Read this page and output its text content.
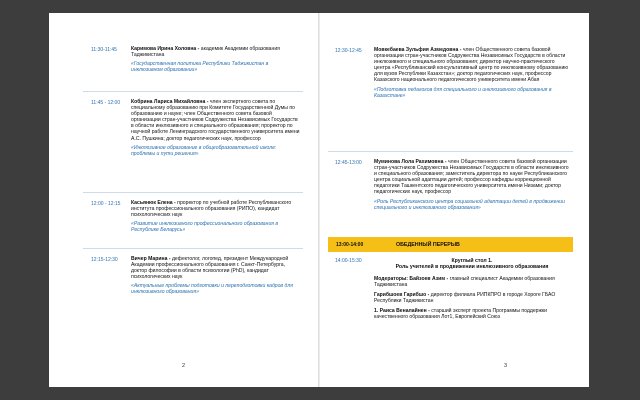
11:30-11:45	Каримова Ирина Холовна - академик Академии образования Таджикистана
«Государственная политика Республики Таджикистан в инклюзивном образовании»
11:45 - 12:00 Кобрина Лариса Михайловна - член экспертного совета по специальному образованию при Комитете Государственной Думы по образованию и науке; член Общественного совета базовой организации стран-участников Содружества Независимых Государств в области инклюзивного и специального образования; проректор по научной работе Ленинградского государственного университета имени А.С. Пушкина; доктор педагогических наук, профессор
«Инклюзивное образование в общеобразовательной школе: проблемы и пути решения»
12:00 - 12:15 Касьянюк Елена - проректор по учебной работе Республиканского института профессионального образования (РИПО), кандидат психологических наук
«Развитие инклюзивного профессионального образования в Республике Беларусь»
12:15-12:30	Вичер Марина - дефектолог, логопед, президент Международной Академии профессионального образования г. Санкт-Петербурга, доктор философии в области психологии (PhD), кандидат психологических наук
«Актуальные проблемы подготовки и переподготовки кадров для инклюзивного образования»
2
12:30-12:45 Мовкебаева Зульфия Азмедовна - член Общественного совета базовой организации стран-участников Содружества Независимых Государств в области инклюзивного и специального образования; директор научно-практического центра «Республиканский консультативный центр по инклюзивному образованию для вузов Республики Казахстан»; доктор педагогических наук, профессор Казахского национального педагогического университета имени Абая
«Подготовка педагогов для специального и инклюзивного образования в Казахстане»
12:45-13:00 Муминова Лола Рахимовна - член Общественного совета базовой организации стран-участников Содружества Независимых Государств в области инклюзивного и специального образования; заместитель директора по науке Республиканского центра социальной адаптации детей; профессор кафедры коррекционной педагогики Ташкентского педагогического университета имени Низами; доктор педагогических наук, профессор
«Роль Республиканского центра социальной адаптации детей в продвижении специального и инклюзивного образования»
13:00-14:00	ОБЕДЕННЫЙ ПЕРЕРЫВ
14:00-15:30	Круглый стол 1.
Роль учителей в продвижении инклюзивного образования
Модераторы: Байзоев Азим - главный специалист Академии образования Таджикистана
Гарибшоев Гарибшо - директор филиала РИПКПРО в городе Хороге ГБАО Республики Таджикистан
1. Раиса Веналайнен - старший эксперт проекта Программы поддержки качественного образования Лот1, Европейский Союз
3
